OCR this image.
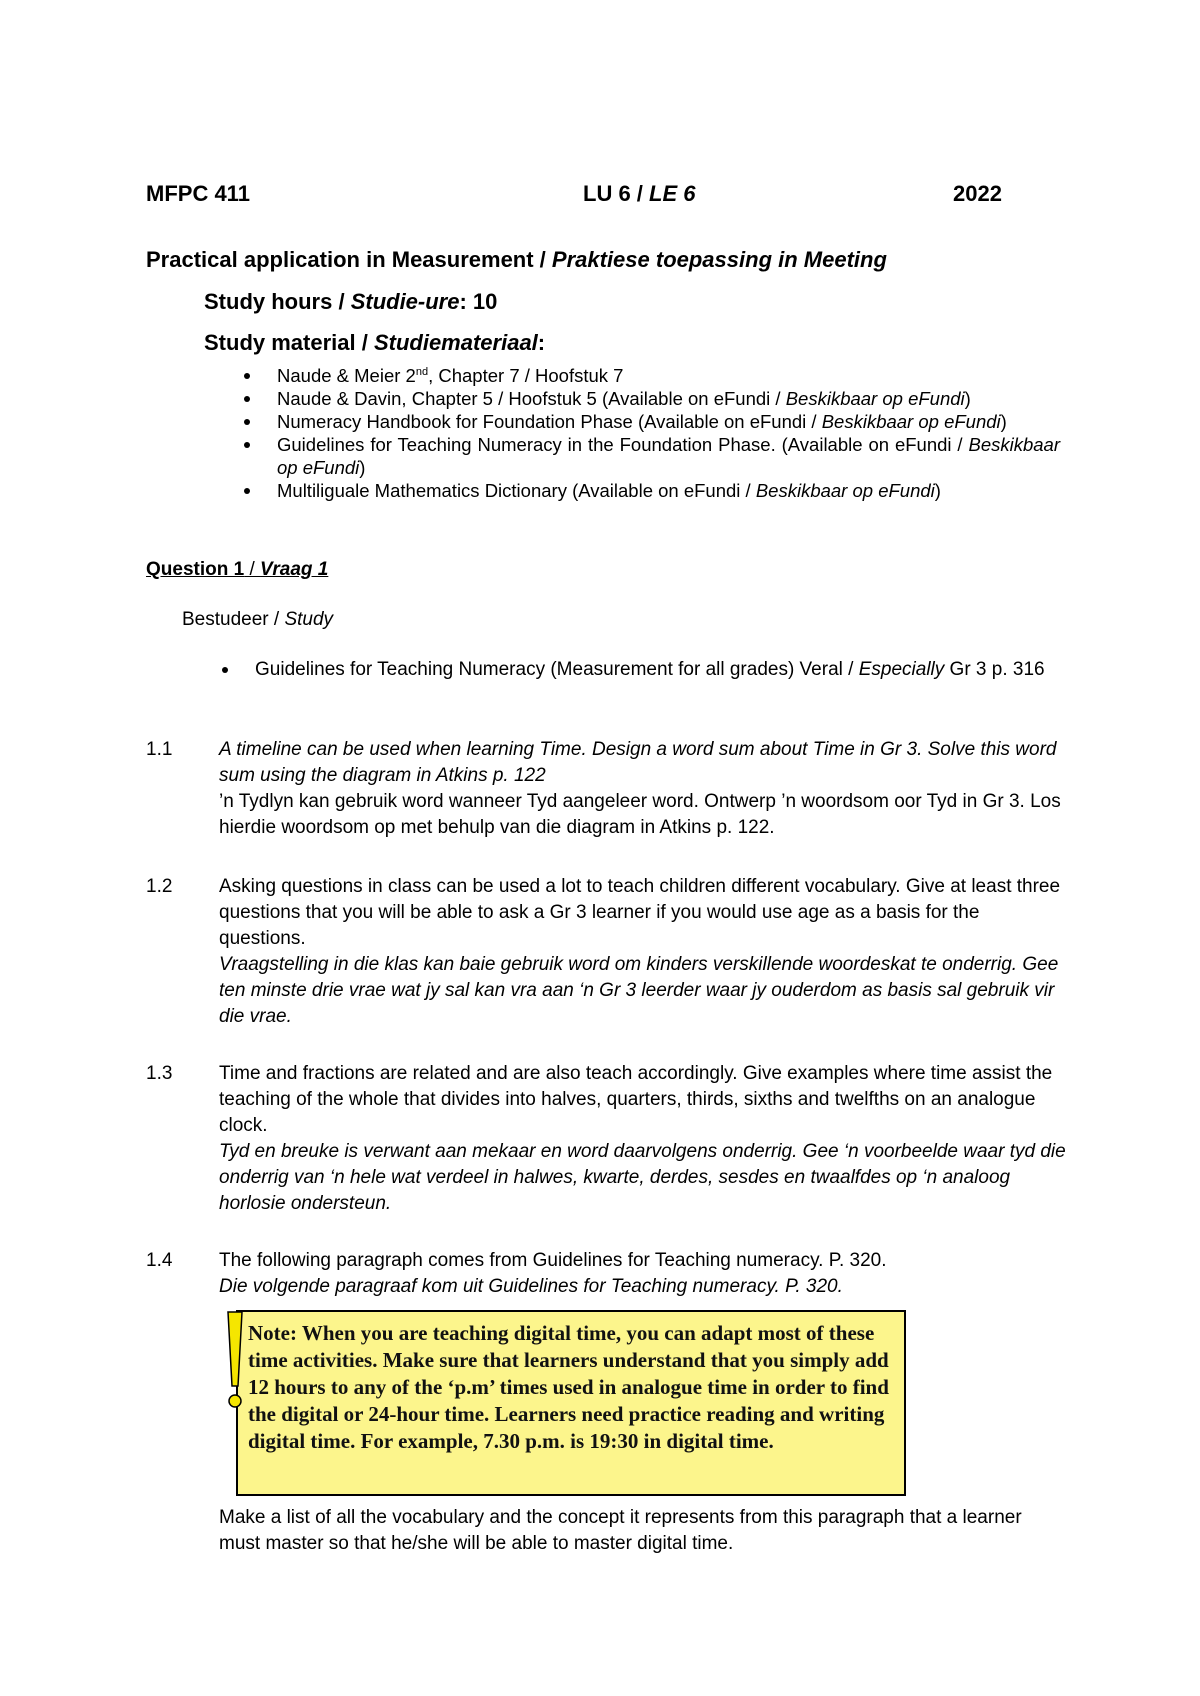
MFPC 411	LU 6 / LE 6	2022
Practical application in Measurement / Praktiese toepassing in Meeting
Study hours / Studie-ure: 10
Study material / Studiemateriaal:
Naude & Meier 2nd, Chapter 7 / Hoofstuk 7
Naude & Davin, Chapter 5 / Hoofstuk 5 (Available on eFundi / Beskikbaar op eFundi)
Numeracy Handbook for Foundation Phase (Available on eFundi / Beskikbaar op eFundi)
Guidelines for Teaching Numeracy in the Foundation Phase. (Available on eFundi / Beskikbaar op eFundi)
Multiliguale Mathematics Dictionary (Available on eFundi / Beskikbaar op eFundi)
Question 1 / Vraag 1
Bestudeer / Study
Guidelines for Teaching Numeracy (Measurement for all grades) Veral / Especially Gr 3 p. 316
1.1 A timeline can be used when learning Time. Design a word sum about Time in Gr 3. Solve this word sum using the diagram in Atkins p. 122

’n Tydlyn kan gebruik word wanneer Tyd aangeleer word. Ontwerp ’n woordsom oor Tyd in Gr 3. Los hierdie woordsom op met behulp van die diagram in Atkins p. 122.

1.2 Asking questions in class can be used a lot to teach children different vocabulary. Give at least three questions that you will be able to ask a Gr 3 learner if you would use age as a basis for the questions.

Vraagstelling in die klas kan baie gebruik word om kinders verskillende woordeskat te onderrig. Gee ten minste drie vrae wat jy sal kan vra aan ‘n Gr 3 leerder waar jy ouderdom as basis sal gebruik vir die vrae.

1.3 Time and fractions are related and are also teach accordingly. Give examples where time assist the teaching of the whole that divides into halves, quarters, thirds, sixths and twelfths on an analogue clock.

Tyd en breuke is verwant aan mekaar en word daarvolgens onderrig. Gee ‘n voorbeelde waar tyd die onderrig van ‘n hele wat verdeel in halwes, kwarte, derdes, sesdes en twaalfdes op ‘n analoog horlosie ondersteun.

1.4 The following paragraph comes from Guidelines for Teaching numeracy. P. 320.

Die volgende paragraaf kom uit Guidelines for Teaching numeracy. P. 320.

Note: When you are teaching digital time, you can adapt most of these time activities. Make sure that learners understand that you simply add 12 hours to any of the ‘p.m’ times used in analogue time in order to find the digital or 24-hour time. Learners need practice reading and writing digital time. For example, 7.30 p.m. is 19:30 in digital time.
Make a list of all the vocabulary and the concept it represents from this paragraph that a learner must master so that he/she will be able to master digital time.
